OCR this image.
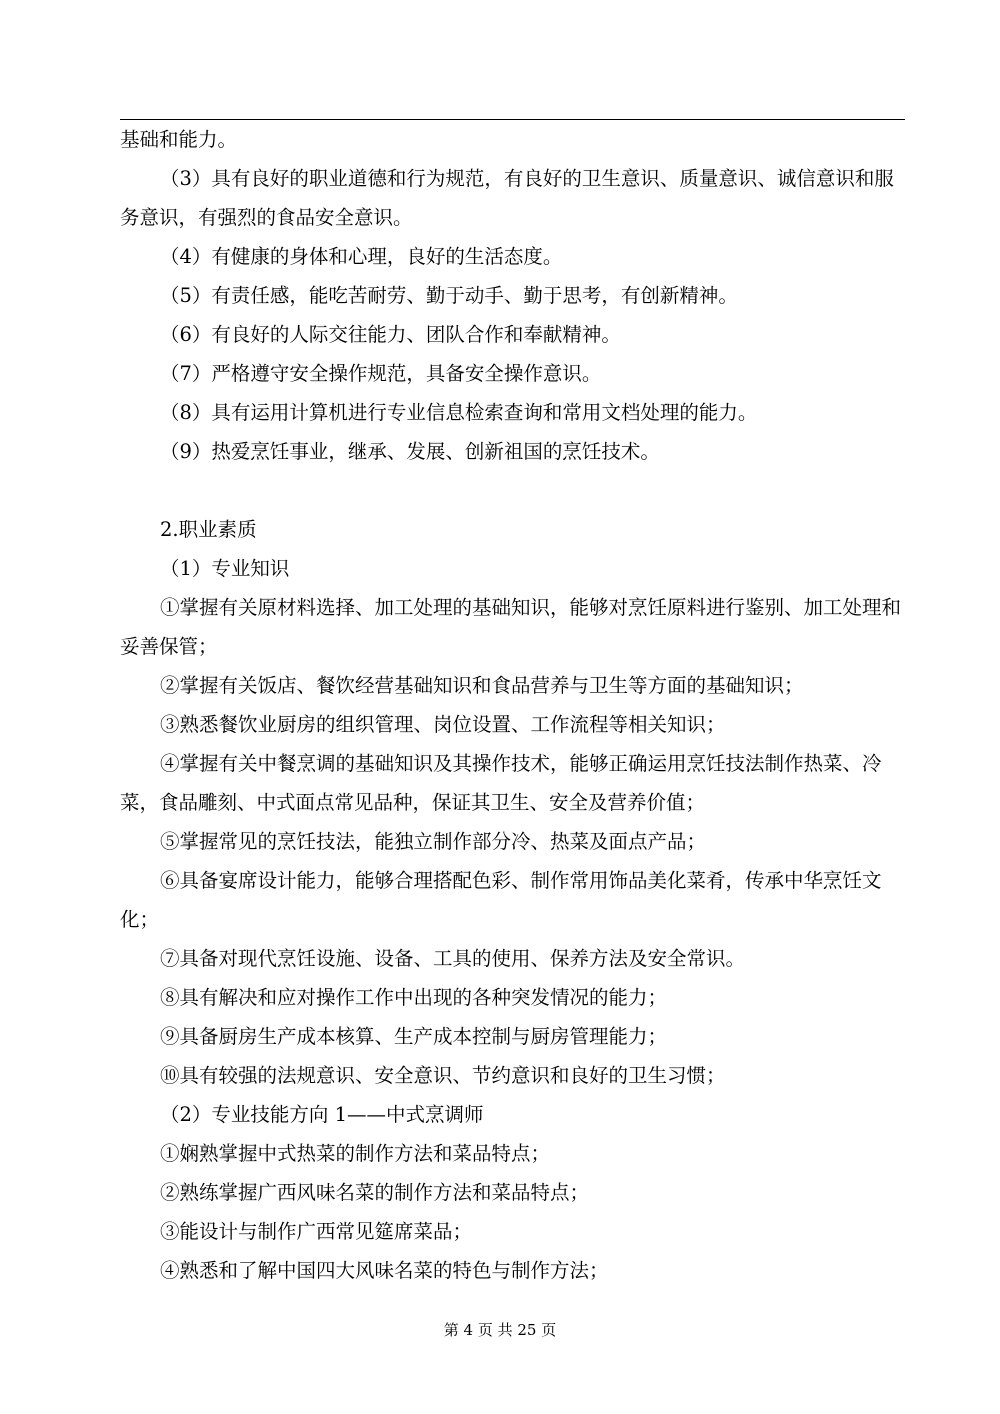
基础和能力。

（3）具有良好的职业道德和行为规范，有良好的卫生意识、质量意识、诚信意识和服务意识，有强烈的食品安全意识。

（4）有健康的身体和心理，良好的生活态度。

（5）有责任感，能吃苦耐劳、勤于动手、勤于思考，有创新精神。

（6）有良好的人际交往能力、团队合作和奉献精神。

（7）严格遵守安全操作规范，具备安全操作意识。

（8）具有运用计算机进行专业信息检索查询和常用文档处理的能力。

（9）热爱烹饪事业，继承、发展、创新祖国的烹饪技术。

2.职业素质

（1）专业知识

①掌握有关原材料选择、加工处理的基础知识，能够对烹饪原料进行鉴别、加工处理和妥善保管；

②掌握有关饭店、餐饮经营基础知识和食品营养与卫生等方面的基础知识；

③熟悉餐饮业厨房的组织管理、岗位设置、工作流程等相关知识；

④掌握有关中餐烹调的基础知识及其操作技术，能够正确运用烹饪技法制作热菜、冷菜，食品雕刻、中式面点常见品种，保证其卫生、安全及营养价值；

⑤掌握常见的烹饪技法，能独立制作部分冷、热菜及面点产品；

⑥具备宴席设计能力，能够合理搭配色彩、制作常用饰品美化菜肴，传承中华烹饪文化；

⑦具备对现代烹饪设施、设备、工具的使用、保养方法及安全常识。

⑧具有解决和应对操作工作中出现的各种突发情况的能力；

⑨具备厨房生产成本核算、生产成本控制与厨房管理能力；

⑩具有较强的法规意识、安全意识、节约意识和良好的卫生习惯；

（2）专业技能方向 1——中式烹调师

①娴熟掌握中式热菜的制作方法和菜品特点；

②熟练掌握广西风味名菜的制作方法和菜品特点；

③能设计与制作广西常见筵席菜品；

④熟悉和了解中国四大风味名菜的特色与制作方法；

第 4 页 共 25 页
